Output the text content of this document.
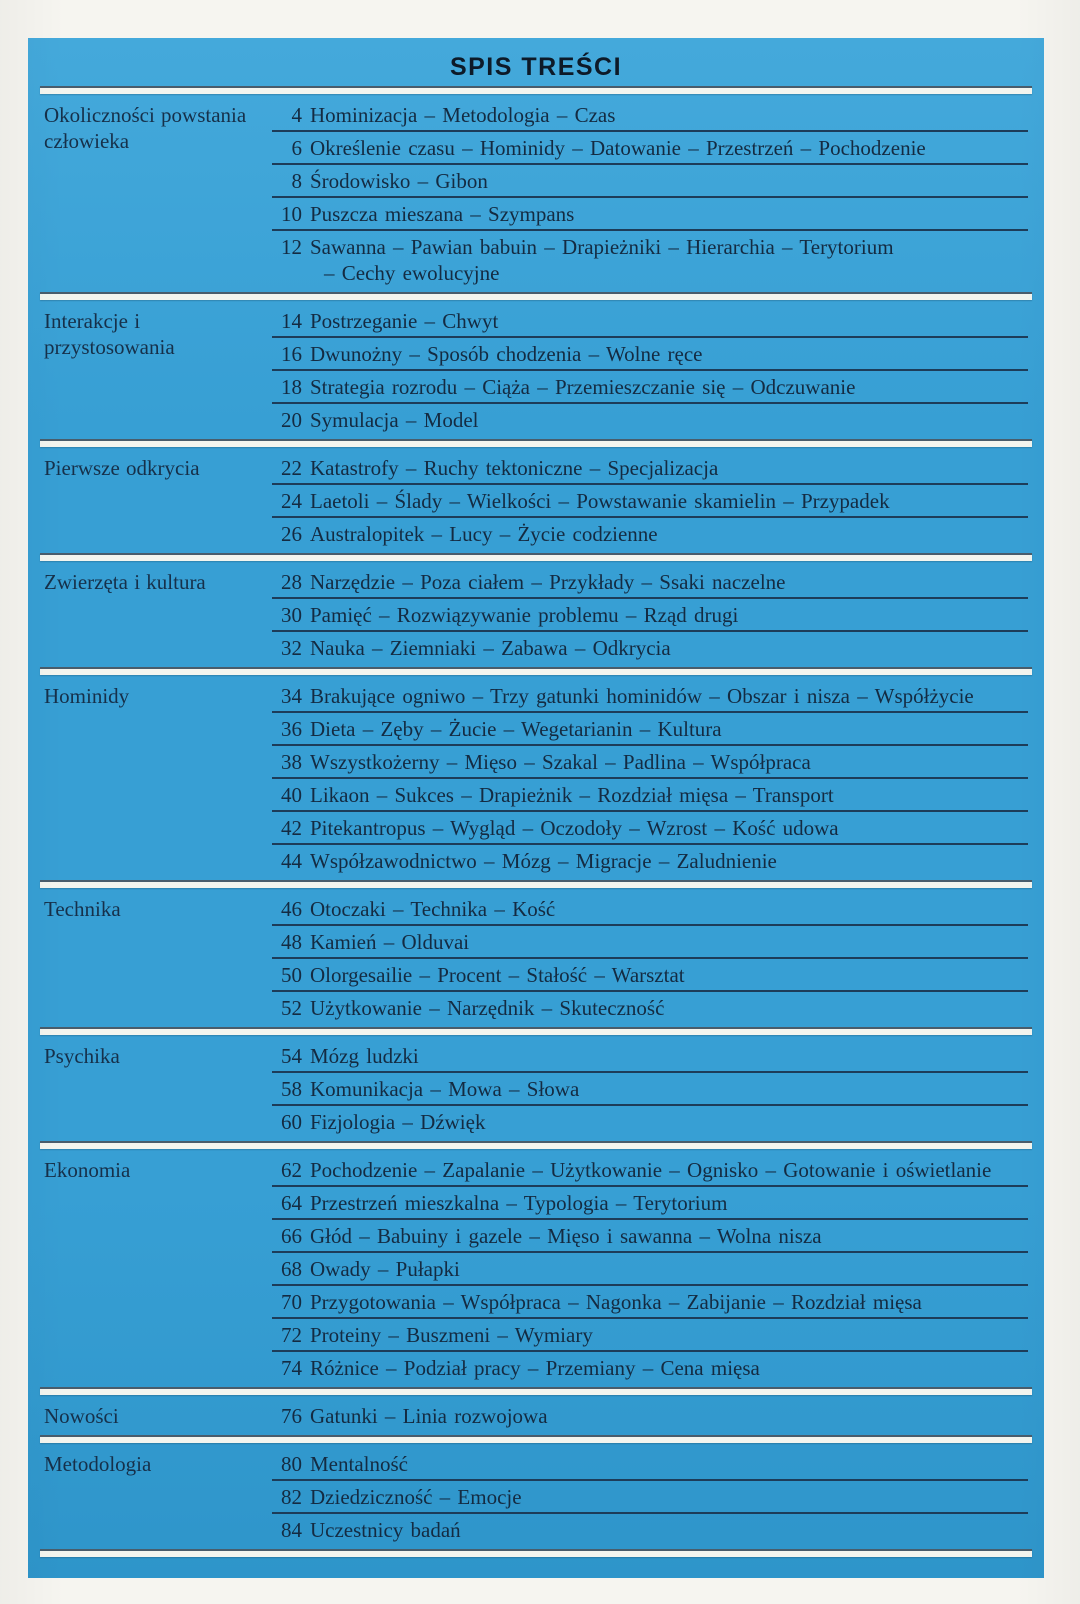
SPIS TREŚCI
Okoliczności powstania człowieka
4 Hominizacja – Metodologia – Czas
6 Określenie czasu – Hominidy – Datowanie – Przestrzeń – Pochodzenie
8 Środowisko – Gibon
10 Puszcza mieszana – Szympans
12 Sawanna – Pawian babuin – Drapieżniki – Hierarchia – Terytorium
– Cechy ewolucyjne
Interakcje i przystosowania
14 Postrzeganie – Chwyt
16 Dwunożny – Sposób chodzenia – Wolne ręce
18 Strategia rozrodu – Ciąża – Przemieszczanie się – Odczuwanie
20 Symulacja – Model
Pierwsze odkrycia	22 Katastrofy – Ruchy tektoniczne – Specjalizacja
24 Laetoli – Ślady – Wielkości – Powstawanie skamielin – Przypadek
26 Australopitek – Lucy – Życie codzienne
Zwierzęta i kultura	28 Narzędzie – Poza ciałem – Przykłady – Ssaki naczelne
30 Pamięć – Rozwiązywanie problemu – Rząd drugi
32 Nauka – Ziemniaki – Zabawa – Odkrycia
Hominidy	34 Brakujące ogniwo – Trzy gatunki hominidów – Obszar i nisza – Współżycie
36 Dieta – Zęby – Żucie – Wegetarianin – Kultura
38 Wszystkożerny – Mięso – Szakal – Padlina – Współpraca
40 Likaon – Sukces – Drapieżnik – Rozdział mięsa – Transport
42 Pitekantropus – Wygląd – Oczodoły – Wzrost – Kość udowa
44 Współzawodnictwo – Mózg – Migracje – Zaludnienie
Technika	46 Otoczaki – Technika – Kość
48 Kamień – Olduvai
50 Olorgesailie – Procent – Stałość – Warsztat
52 Użytkowanie – Narzędnik – Skuteczność
Psychika	54 Mózg ludzki
58 Komunikacja – Mowa – Słowa
60 Fizjologia – Dźwięk
Ekonomia	62 Pochodzenie – Zapalanie – Użytkowanie – Ognisko – Gotowanie i oświetlanie
64 Przestrzeń mieszkalna – Typologia – Terytorium
66 Głód – Babuiny i gazele – Mięso i sawanna – Wolna nisza
68 Owady – Pułapki
70 Przygotowania – Współpraca – Nagonka – Zabijanie – Rozdział mięsa
72 Proteiny – Buszmeni – Wymiary
74 Różnice – Podział pracy – Przemiany – Cena mięsa
Nowości	76 Gatunki – Linia rozwojowa
Metodologia	80 Mentalność
82 Dziedziczność – Emocje
84 Uczestnicy badań
